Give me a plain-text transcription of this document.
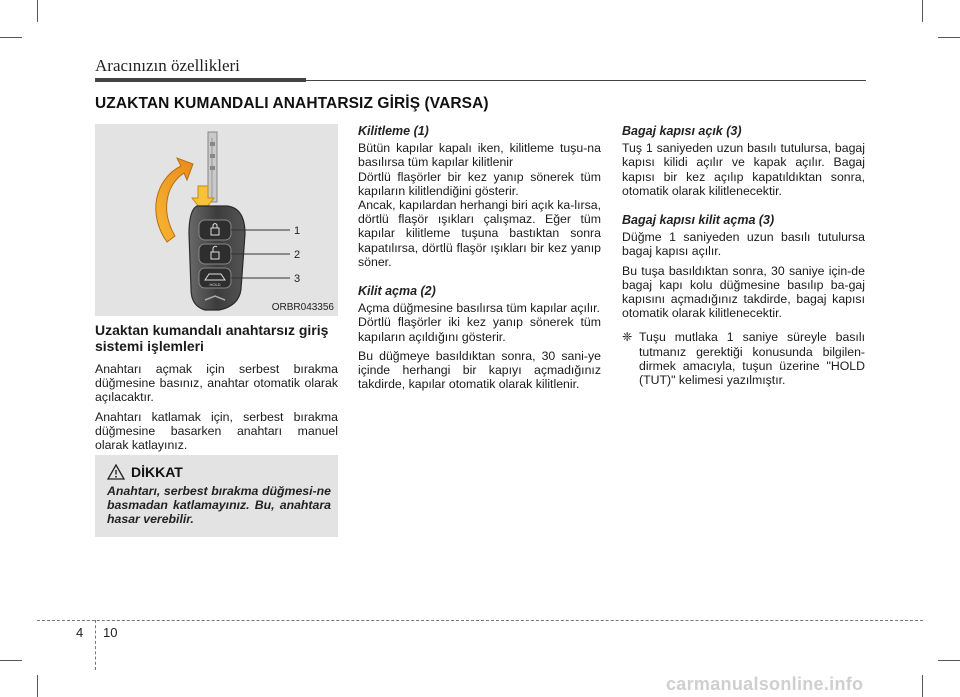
Aracınızın özellikleri
UZAKTAN KUMANDALI ANAHTARSIZ GİRİŞ (VARSA)
HOLD
1
2
3
ORBR043356
Uzaktan kumandalı anahtarsız giriş sistemi işlemleri

Anahtarı açmak için serbest bırakma düğmesine basınız, anahtar otomatik olarak açılacaktır.

Anahtarı katlamak için, serbest bırakma düğmesine basarken anahtarı manuel olarak katlayınız.

DİKKAT
Anahtarı, serbest bırakma düğmesi-ne basmadan katlamayınız. Bu, anahtara hasar verebilir.
Kilitleme (1)

Bütün kapılar kapalı iken, kilitleme tuşu-na basılırsa tüm kapılar kilitlenir

Dörtlü flaşörler bir kez yanıp sönerek tüm kapıların kilitlendiğini gösterir.

Ancak, kapılardan herhangi biri açık ka-lırsa, dörtlü flaşör ışıkları çalışmaz. Eğer tüm kapılar kilitleme tuşuna bastıktan sonra kapatılırsa, dörtlü flaşör ışıkları bir kez yanıp söner.

Kilit açma (2)

Açma düğmesine basılırsa tüm kapılar açılır.

Dörtlü flaşörler iki kez yanıp sönerek tüm kapıların açıldığını gösterir.

Bu düğmeye basıldıktan sonra, 30 sani-ye içinde herhangi bir kapıyı açmadığınız takdirde, kapılar otomatik olarak kilitlenir.

Bagaj kapısı açık (3)

Tuş 1 saniyeden uzun basılı tutulursa, bagaj kapısı kilidi açılır ve kapak açılır. Bagaj kapısı bir kez açılıp kapatıldıktan sonra, otomatik olarak kilitlenecektir.

Bagaj kapısı kilit açma (3)

Düğme 1 saniyeden uzun basılı tutulursa bagaj kapısı açılır.

Bu tuşa basıldıktan sonra, 30 saniye için-de bagaj kapı kolu düğmesine basılıp ba-gaj kapısını açmadığınız takdirde, bagaj kapısı otomatik olarak kilitlenecektir.

❈ Tuşu mutlaka 1 saniye süreyle basılı tutmanız gerektiği konusunda bilgilen-dirmek amacıyla, tuşun üzerine "HOLD (TUT)" kelimesi yazılmıştır.
4 10
carmanualsonline.info
